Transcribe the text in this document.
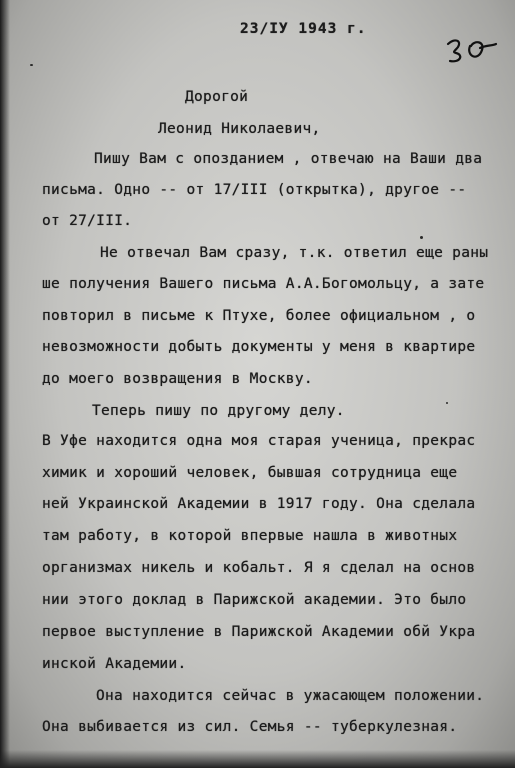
23/IУ 1943 г.
Дорогой
Леонид Николаевич,
Пишу Вам с опозданием , отвечаю на Ваши два
письма. Одно -- от 17/III (открытка), другое --
от 27/III.
Не отвечал Вам сразу, т.к. ответил еще раны
ше получения Вашего письма А.А.Богомольцу, а зате
повторил в письме к Птухе, более официальном , о
невозможности добыть документы у меня в квартире
до моего возвращения в Москву.
Теперь пишу по другому делу.
В Уфе находится одна моя старая ученица, прекрас
химик и хороший человек, бывшая сотрудница еще
ней Украинской Академии в 1917 году. Она сделала
там работу, в которой впервые нашла в животных
организмах никель и кобальт. Я я сделал на основ
нии этого доклад в Парижской академии. Это было
первое выступление в Парижской Академии обй Укра
инской Академии.
Она находится сейчас в ужасающем положении.
Она выбивается из сил. Семья -- туберкулезная.
